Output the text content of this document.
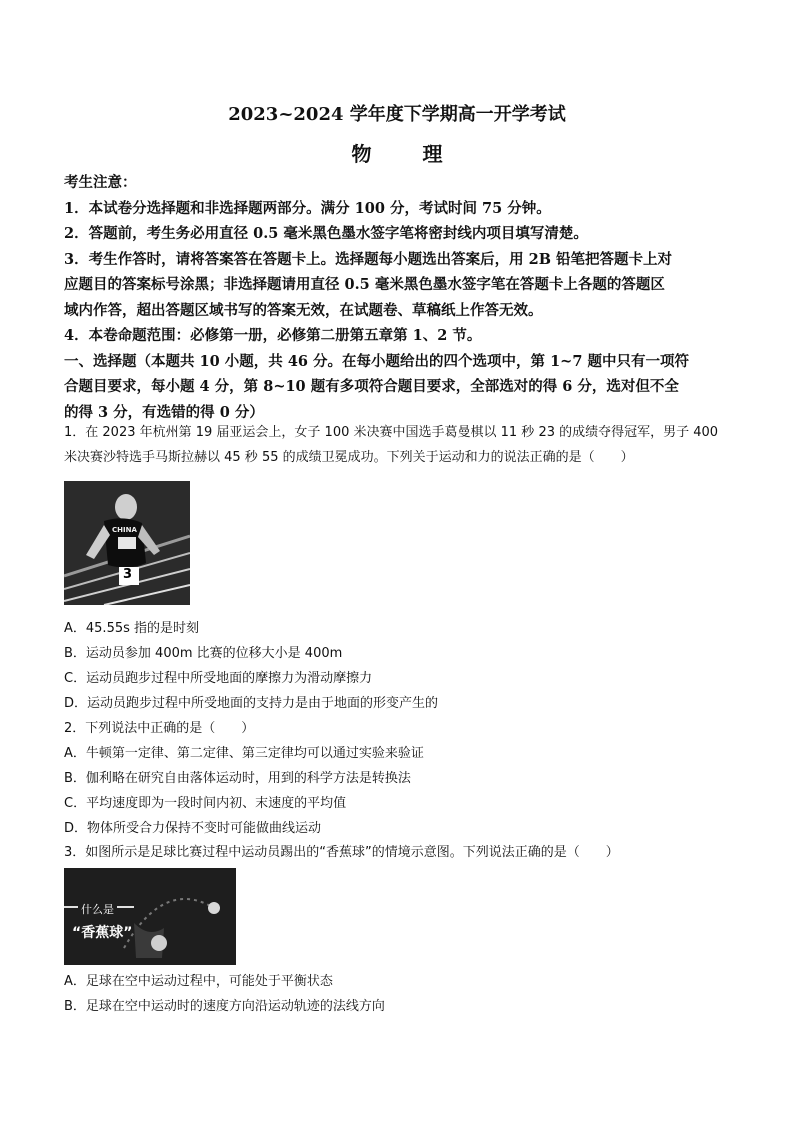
2023~2024 学年度下学期高一开学考试
物 理

考生注意：

1．本试卷分选择题和非选择题两部分。满分 100 分，考试时间 75 分钟。

2．答题前，考生务必用直径 0.5 毫米黑色墨水签字笔将密封线内项目填写清楚。

3．考生作答时，请将答案答在答题卡上。选择题每小题选出答案后，用 2B 铅笔把答题卡上对

应题目的答案标号涂黑；非选择题请用直径 0.5 毫米黑色墨水签字笔在答题卡上各题的答题区

域内作答，超出答题区域书写的答案无效，在试题卷、草稿纸上作答无效。

4．本卷命题范围：必修第一册，必修第二册第五章第 1、2 节。

一、选择题（本题共 10 小题，共 46 分。在每小题给出的四个选项中，第 1~7 题中只有一项符

合题目要求，每小题 4 分，第 8~10 题有多项符合题目要求，全部选对的得 6 分，选对但不全

的得 3 分，有选错的得 0 分）

1．在 2023 年杭州第 19 届亚运会上，女子 100 米决赛中国选手葛曼棋以 11 秒 23 的成绩夺得冠军，男子 400

米决赛沙特选手马斯拉赫以 45 秒 55 的成绩卫冕成功。下列关于运动和力的说法正确的是（　　）

CHINA
3

A．45.55s 指的是时刻

B．运动员参加 400m 比赛的位移大小是 400m

C．运动员跑步过程中所受地面的摩擦力为滑动摩擦力

D．运动员跑步过程中所受地面的支持力是由于地面的形变产生的

2．下列说法中正确的是（　　）

A．牛顿第一定律、第二定律、第三定律均可以通过实验来验证

B．伽利略在研究自由落体运动时，用到的科学方法是转换法

C．平均速度即为一段时间内初、末速度的平均值

D．物体所受合力保持不变时可能做曲线运动

3．如图所示是足球比赛过程中运动员踢出的“香蕉球”的情境示意图。下列说法正确的是（　　）

什么是
“香蕉球”

A．足球在空中运动过程中，可能处于平衡状态

B．足球在空中运动时的速度方向沿运动轨迹的法线方向
